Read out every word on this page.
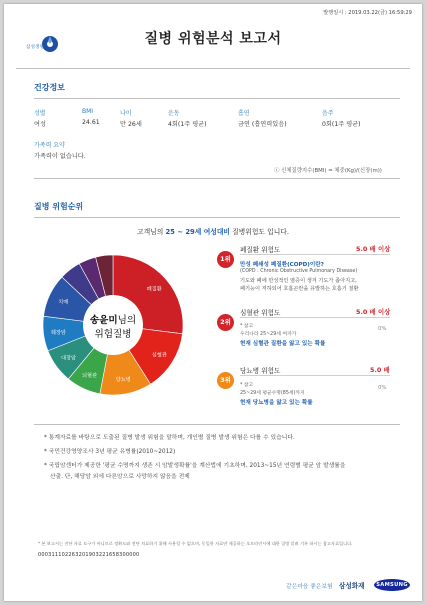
발행일시 : 2019.03.22(금) 16:59:29
삼성생명
질병 위험분석 보고서
건강정보
성별
여성
BMI
24.61
나이
만 26세
운동
4회(1주 평균)
흡연
금연 (흡연력있음)
음주
0회(1주 평균)
가족력 요약
가족력이 없습니다.
ⓘ 신체질량지수(BMI) = 체중(Kg)/(신장(m))
질병 위험순위
고객님의 25 ~ 29세 여성대비 질병위험도 입니다.
폐질환
심혈관
당뇨병
뇌혈관
대장암
췌장암
치매
송윤미님의
위험질병
1위
폐질환 위험도	5.0 배 이상
만성 폐쇄성 폐질환(COPD)이란?
(COPD : Chronic Obstructive Pulmonary Disease)
기도와 폐에 만성적인 염증이 생겨 기도가 좁아지고,
폐기능이 저하되어 호흡곤란을 유발하는 호흡기 질환
2위
심혈관 위험도	5.0 배 이상
* 참고
우리나라 25~29세 여자가
0%
현재 심혈관 질환을 앓고 있는 확률
3위
당뇨병 위험도	5.0 배
* 참고
25~29세 평균수명(85세)까지
0%
현재 당뇨병을 앓고 있는 확률
* 통계자료를 바탕으로 도출된 질병 발생 위험을 말하며, 개인별 질병 발생 위험은 다를 수 있습니다.
* 국민건강영양조사 3년 평균 유병률(2010~2012)
* 국립암센터가 제공한 '평균 수명까지 생존 시 암발생확률'을 계산법에 기초하며, 2013~15년 연령별 평균 암 발생률을
산출. 단, 해당암 외에 다른암으로 사망하지 않음을 전제
* 본 보고서는 진단 자료 도구가 아니므로 정확도와 전단 치료하기 위해 사용할 수 없으며, 동일한 자료만 제공하는 오프라인시에 대한 질병 알려 기록 하시는 참고자료입니다.
000311102263201903221658300000
같은마음 좋은보험 삼성화재	SAMSUNG
